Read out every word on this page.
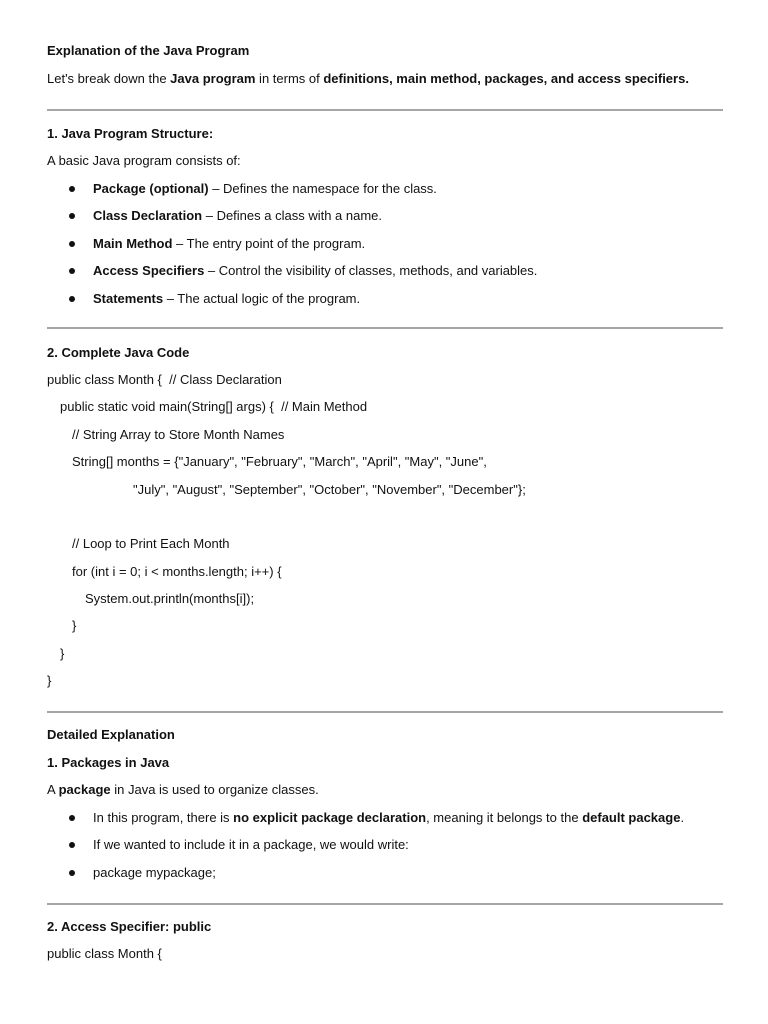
Explanation of the Java Program
Let's break down the Java program in terms of definitions, main method, packages, and access specifiers.
1. Java Program Structure:
A basic Java program consists of:
Package (optional) – Defines the namespace for the class.
Class Declaration – Defines a class with a name.
Main Method – The entry point of the program.
Access Specifiers – Control the visibility of classes, methods, and variables.
Statements – The actual logic of the program.
2. Complete Java Code
public class Month {  // Class Declaration
public static void main(String[] args) {  // Main Method
// String Array to Store Month Names
String[] months = {"January", "February", "March", "April", "May", "June",
"July", "August", "September", "October", "November", "December"};
// Loop to Print Each Month
for (int i = 0; i < months.length; i++) {
System.out.println(months[i]);
}
}
}
Detailed Explanation
1. Packages in Java
A package in Java is used to organize classes.
In this program, there is no explicit package declaration, meaning it belongs to the default package.
If we wanted to include it in a package, we would write:
package mypackage;
2. Access Specifier: public
public class Month {
